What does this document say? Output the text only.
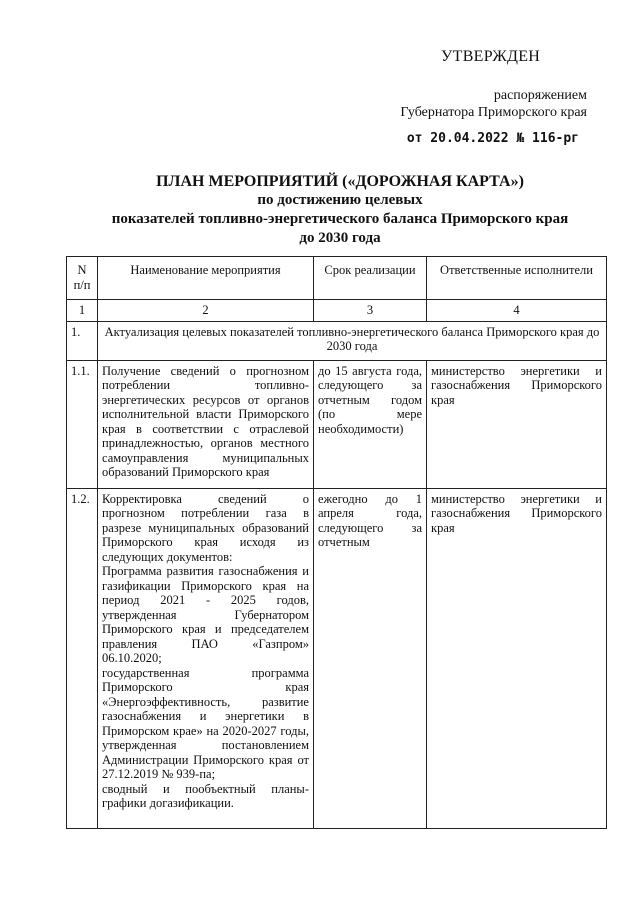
УТВЕРЖДЕН
распоряжением
Губернатора Приморского края
от 20.04.2022 № 116-рг
ПЛАН МЕРОПРИЯТИЙ («ДОРОЖНАЯ КАРТА»)
по достижению целевых
показателей топливно-энергетического баланса Приморского края
до 2030 года
N
п/п	Наименование мероприятия	Срок реализации	Ответственные исполнители
1	2	3	4
1.	Актуализация целевых показателей топливно-энергетического баланса Приморского края до 2030 года		
1.1.	Получение сведений о прогнозном потреблении топливно-энергетических ресурсов от органов исполнительной власти Приморского края в соответствии с отраслевой принадлежностью, органов местного самоуправления муниципальных образований Приморского края	до 15 августа года, следующего за отчетным годом (по мере необходимости)	министерство энергетики и газоснабжения Приморского края
1.2.	Корректировка сведений о прогнозном потреблении газа в разрезе муниципальных образований Приморского края исходя из следующих документов:
Программа развития газоснабжения и газификации Приморского края на период 2021 - 2025 годов, утвержденная Губернатором Приморского края и председателем правления ПАО «Газпром» 06.10.2020;
государственная программа Приморского края «Энергоэффективность, развитие газоснабжения и энергетики в Приморском крае» на 2020-2027 годы, утвержденная постановлением Администрации Приморского края от 27.12.2019 № 939-па;
сводный и пообъектный планы-графики догазификации.	ежегодно до 1 апреля года, следующего за отчетным	министерство энергетики и газоснабжения Приморского края
